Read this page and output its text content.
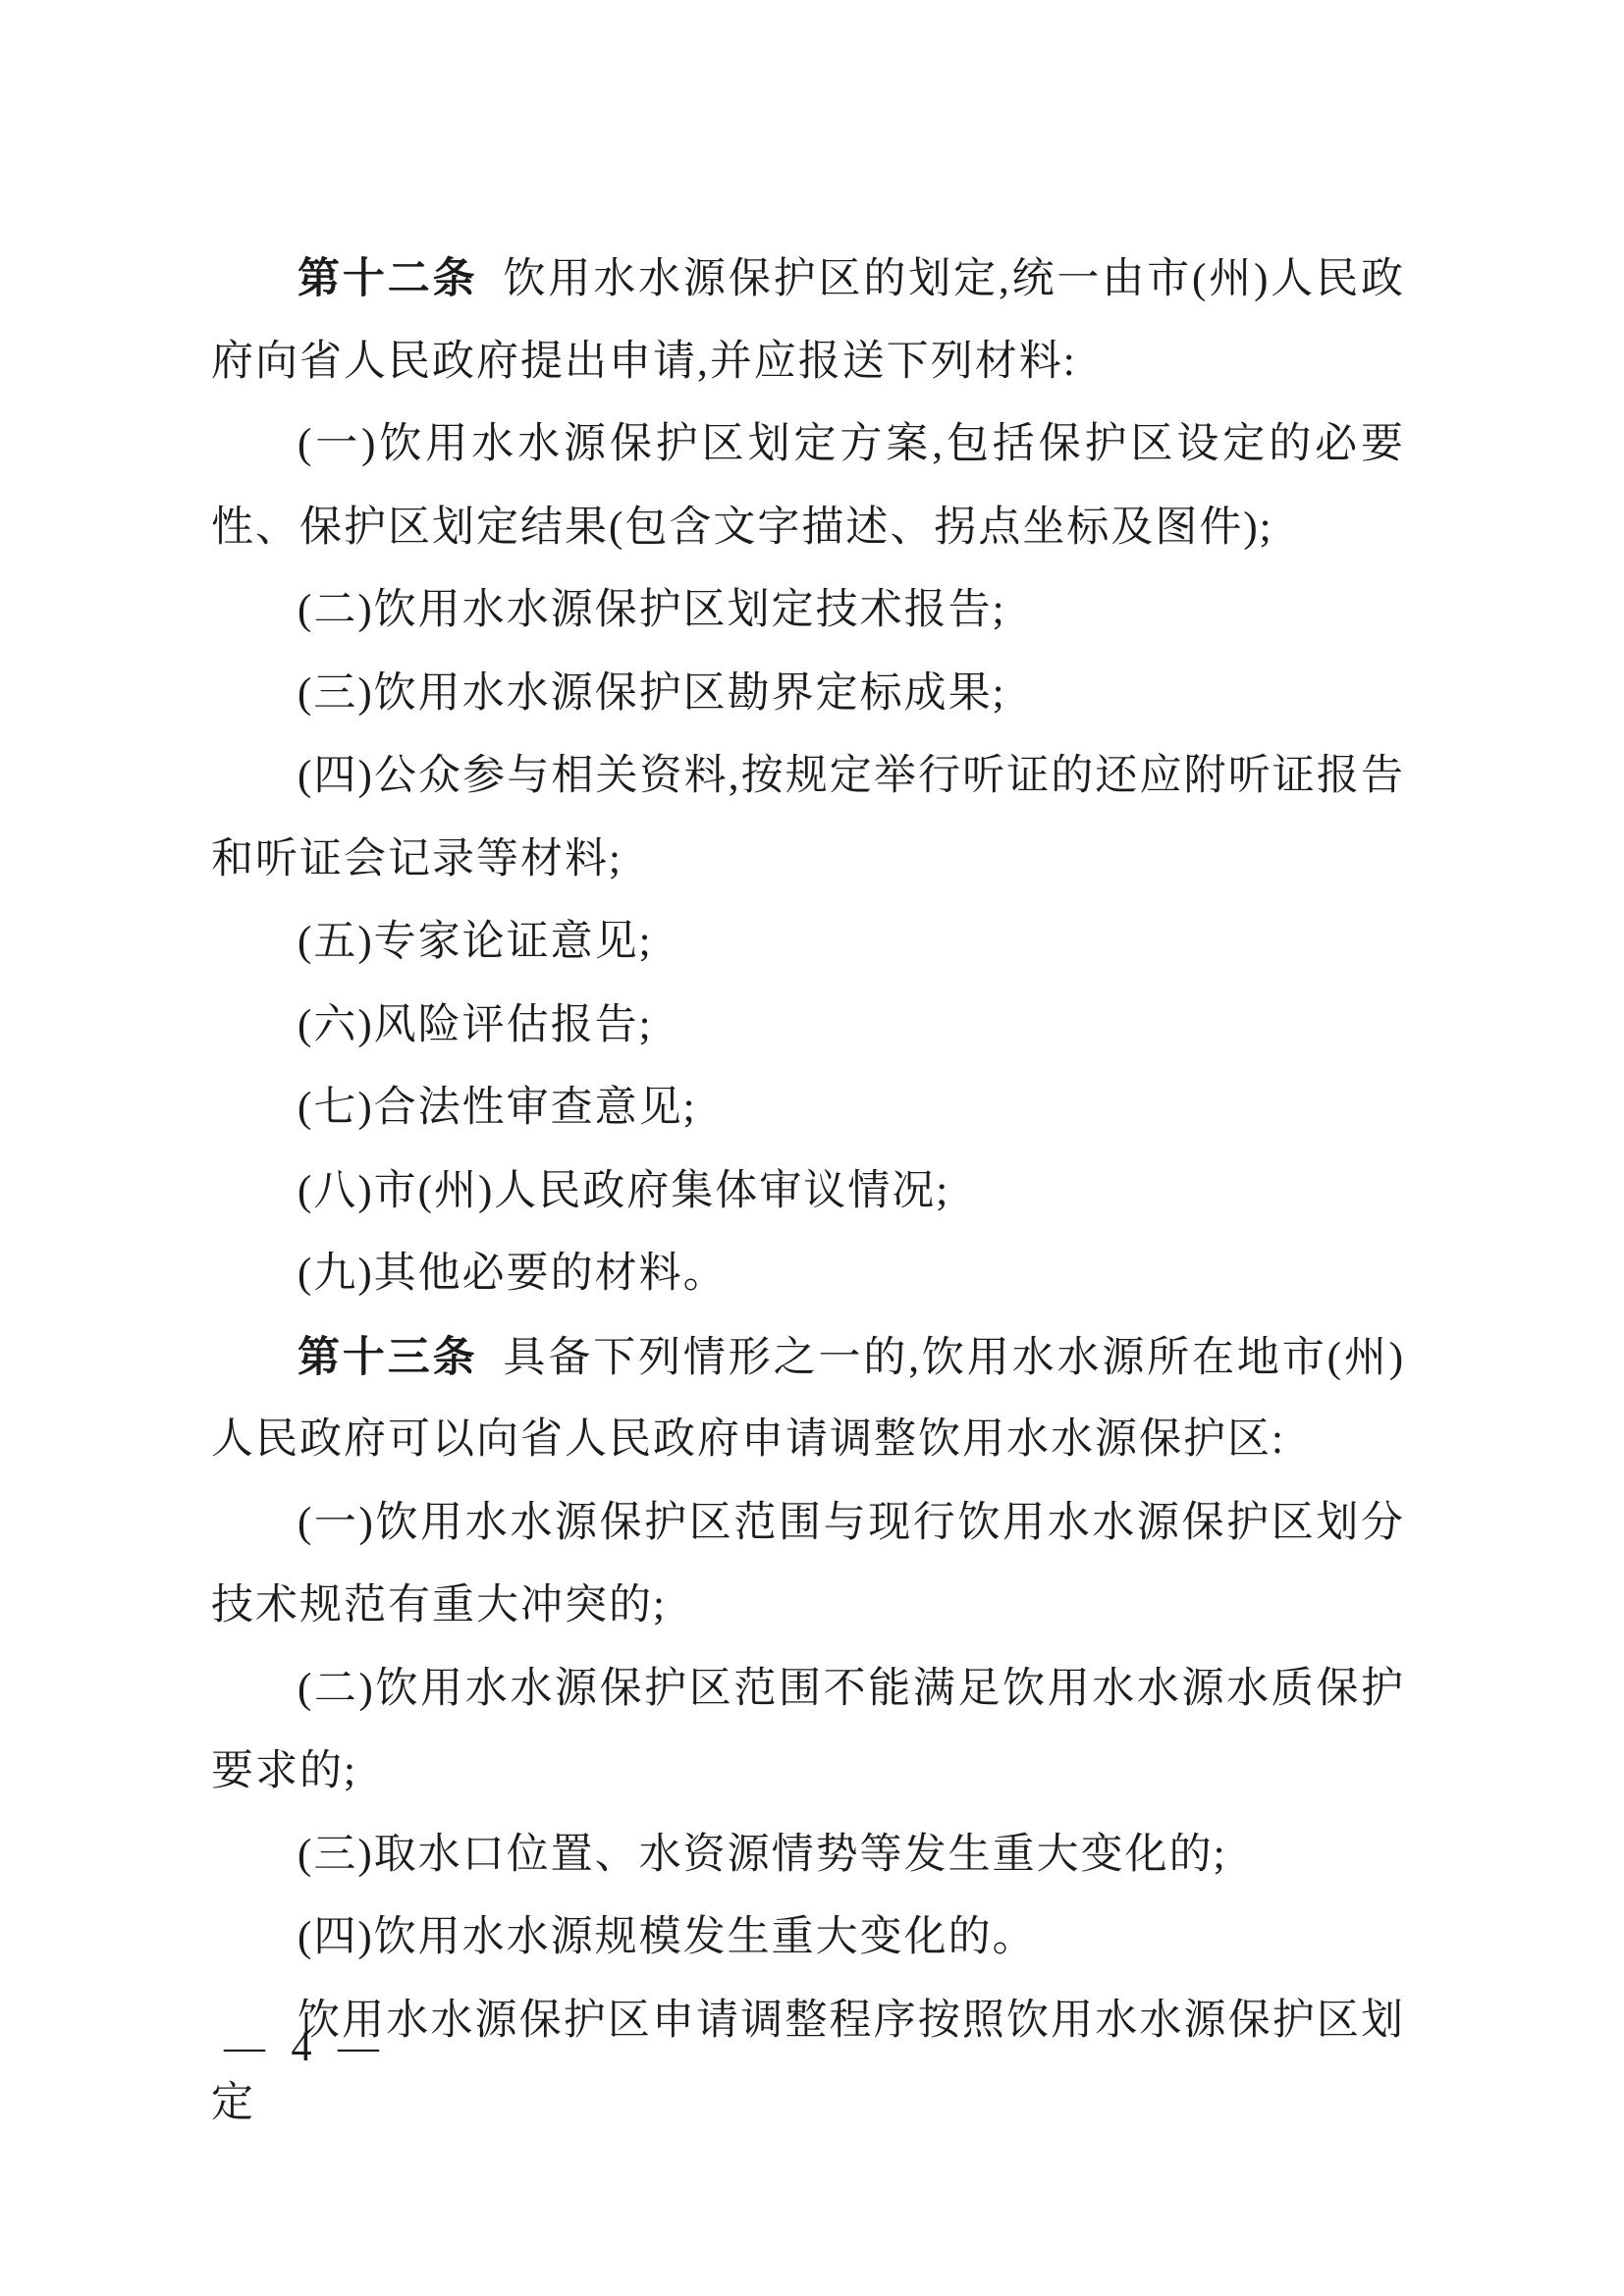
第十二条 饮用水水源保护区的划定,统一由市(州)人民政
府向省人民政府提出申请,并应报送下列材料:
(一)饮用水水源保护区划定方案,包括保护区设定的必要
性、保护区划定结果(包含文字描述、拐点坐标及图件);
(二)饮用水水源保护区划定技术报告;
(三)饮用水水源保护区勘界定标成果;
(四)公众参与相关资料,按规定举行听证的还应附听证报告
和听证会记录等材料;
(五)专家论证意见;
(六)风险评估报告;
(七)合法性审查意见;
(八)市(州)人民政府集体审议情况;
(九)其他必要的材料。
第十三条 具备下列情形之一的,饮用水水源所在地市(州)
人民政府可以向省人民政府申请调整饮用水水源保护区:
(一)饮用水水源保护区范围与现行饮用水水源保护区划分
技术规范有重大冲突的;
(二)饮用水水源保护区范围不能满足饮用水水源水质保护
要求的;
(三)取水口位置、水资源情势等发生重大变化的;
(四)饮用水水源规模发生重大变化的。
饮用水水源保护区申请调整程序按照饮用水水源保护区划定
— 4 —
